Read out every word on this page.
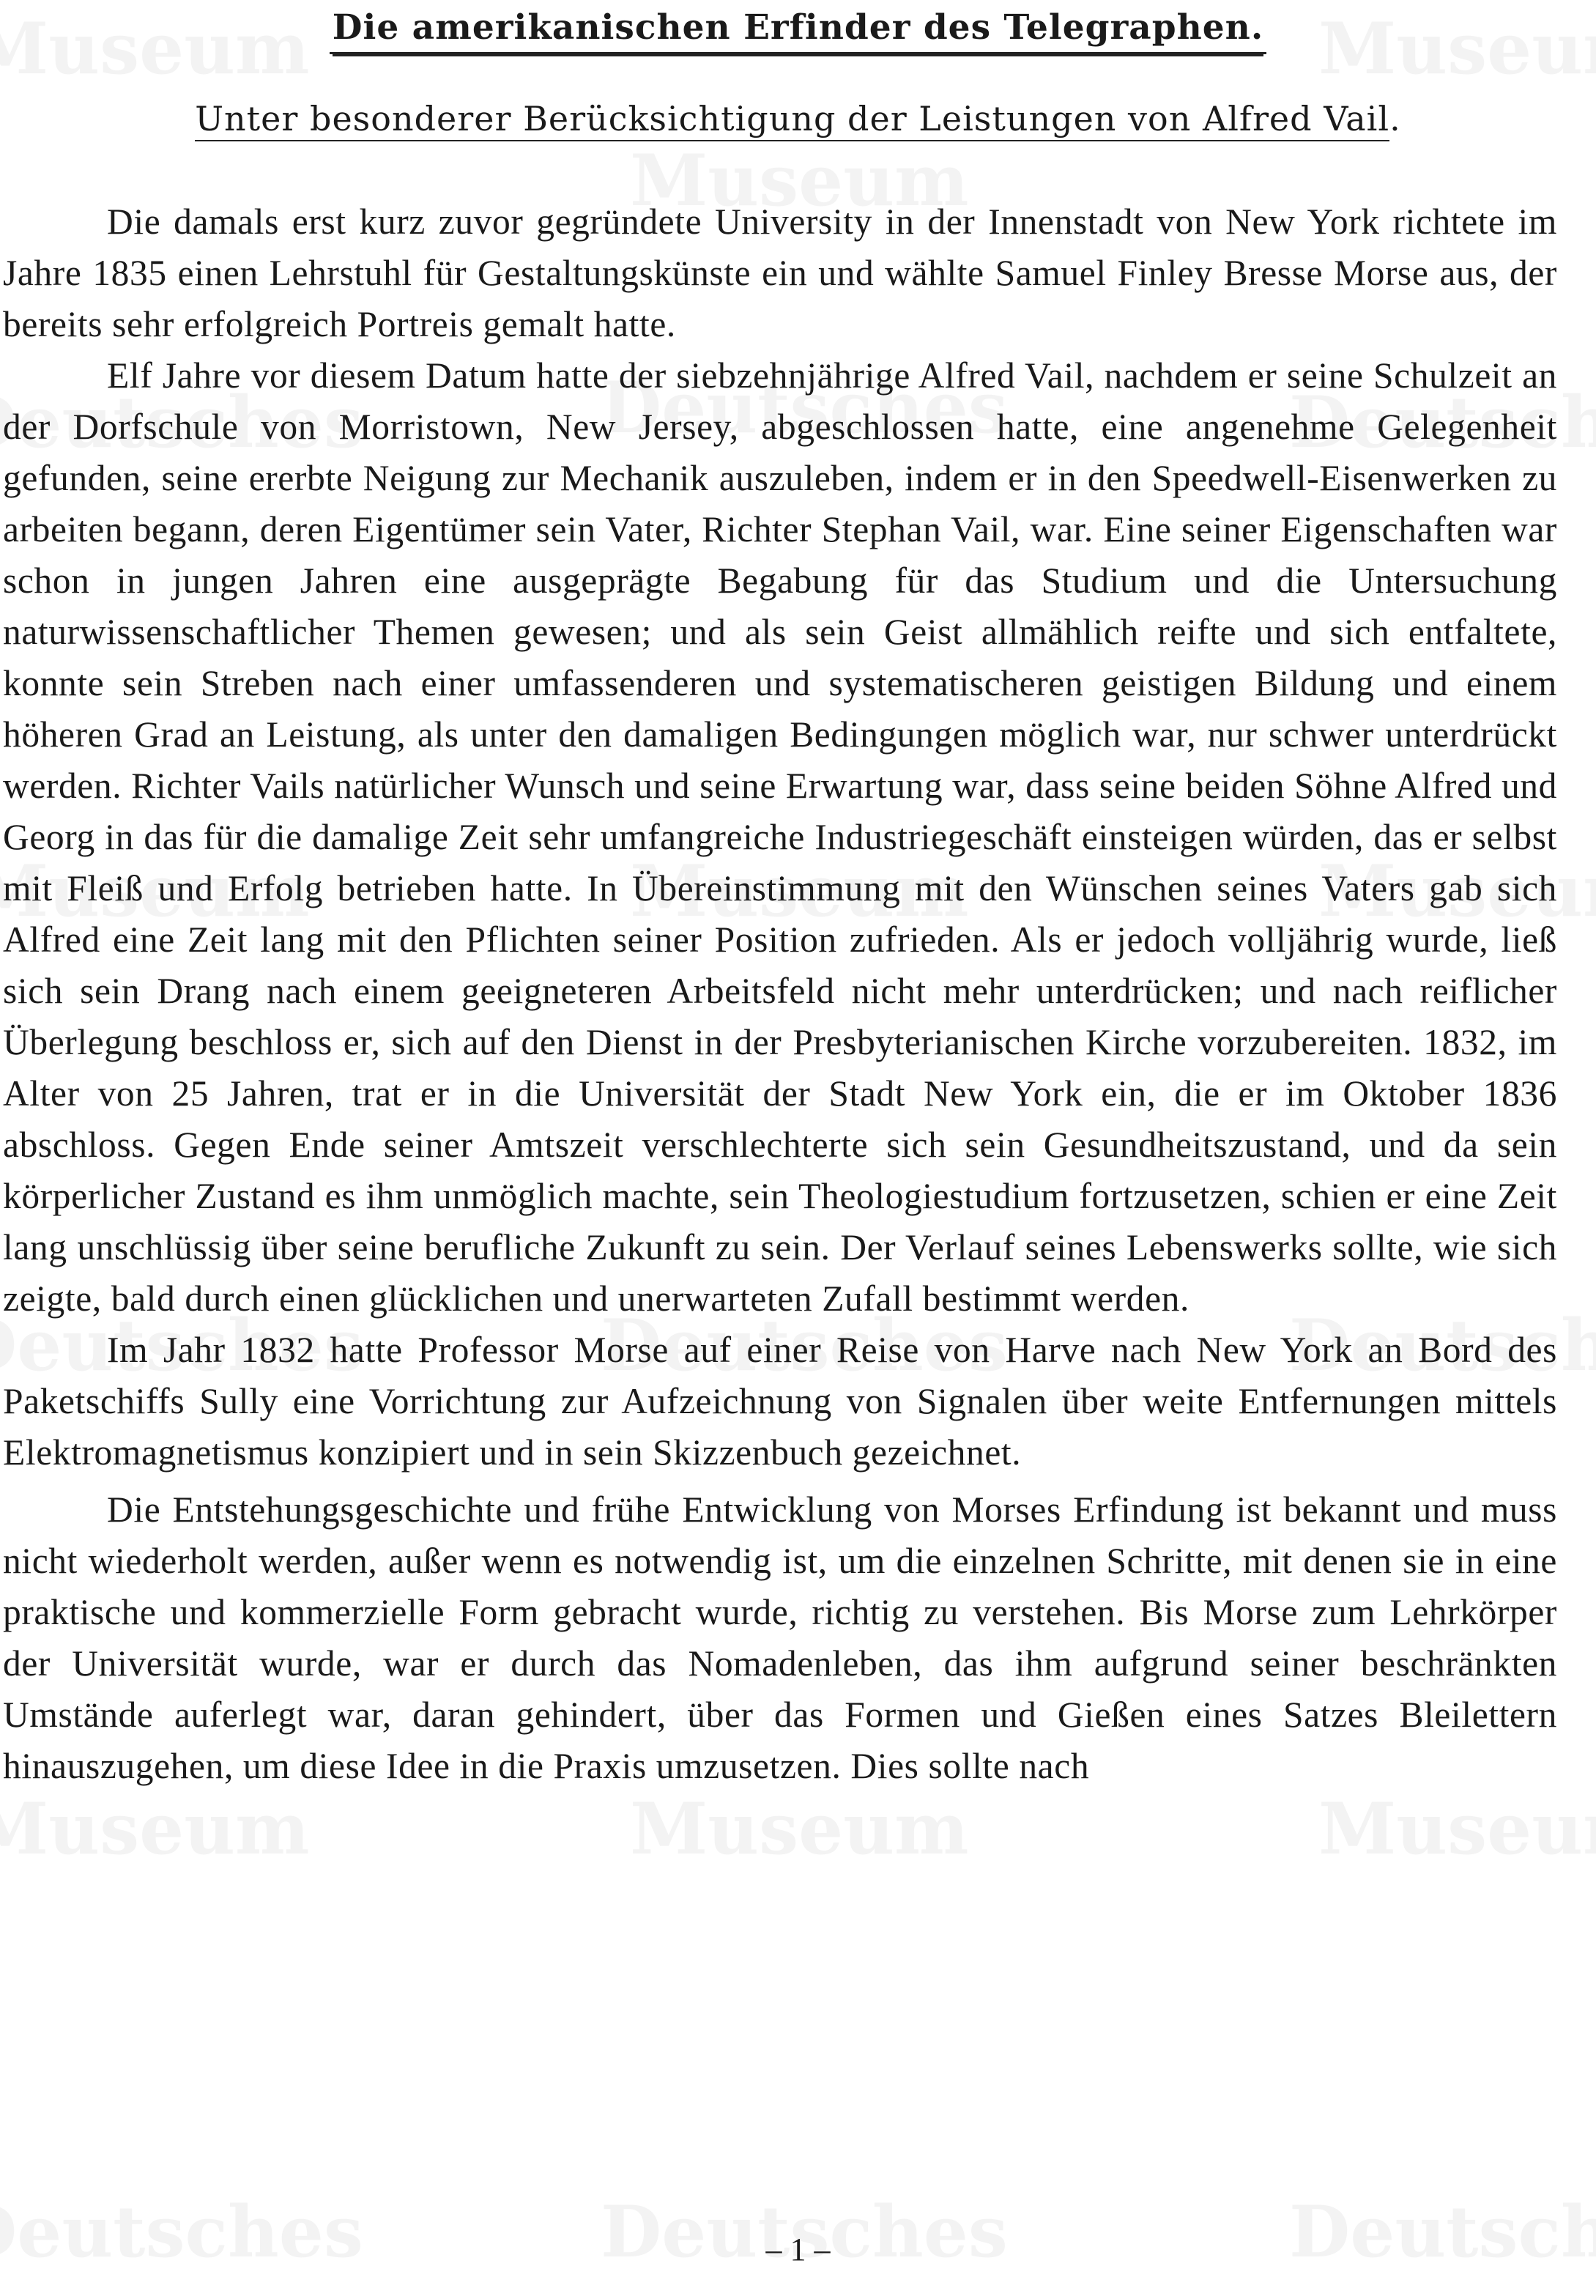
Die amerikanischen Erfinder des Telegraphen.
Unter besonderer Berücksichtigung der Leistungen von Alfred Vail.

Die damals erst kurz zuvor gegründete University in der Innenstadt von New York richtete im Jahre 1835 einen Lehrstuhl für Gestaltungskünste ein und wählte Samuel Finley Bresse Morse aus, der bereits sehr erfolgreich Portreis gemalt hatte.

Elf Jahre vor diesem Datum hatte der siebzehnjährige Alfred Vail, nachdem er seine Schulzeit an der Dorfschule von Morristown, New Jersey, abgeschlossen hatte, eine angenehme Gelegenheit gefunden, seine ererbte Neigung zur Mechanik auszuleben, indem er in den Speedwell-Eisenwerken zu arbeiten begann, deren Eigentümer sein Vater, Richter Stephan Vail, war. Eine seiner Eigenschaften war schon in jungen Jahren eine ausgeprägte Begabung für das Studium und die Untersuchung naturwissenschaftlicher Themen gewesen; und als sein Geist allmählich reifte und sich entfaltete, konnte sein Streben nach einer umfassenderen und systematischeren geistigen Bildung und einem höheren Grad an Leistung, als unter den damaligen Bedingungen möglich war, nur schwer unterdrückt werden. Richter Vails natürlicher Wunsch und seine Erwartung war, dass seine beiden Söhne Alfred und Georg in das für die damalige Zeit sehr umfangreiche Industriegeschäft einsteigen würden, das er selbst mit Fleiß und Erfolg betrieben hatte. In Übereinstimmung mit den Wünschen seines Vaters gab sich Alfred eine Zeit lang mit den Pflichten seiner Position zufrieden. Als er jedoch volljährig wurde, ließ sich sein Drang nach einem geeigneteren Arbeitsfeld nicht mehr unterdrücken; und nach reiflicher Überlegung beschloss er, sich auf den Dienst in der Presbyterianischen Kirche vorzubereiten. 1832, im Alter von 25 Jahren, trat er in die Universität der Stadt New York ein, die er im Oktober 1836 abschloss. Gegen Ende seiner Amtszeit verschlechterte sich sein Gesundheitszustand, und da sein körperlicher Zustand es ihm unmöglich machte, sein Theologiestudium fortzusetzen, schien er eine Zeit lang unschlüssig über seine berufliche Zukunft zu sein. Der Verlauf seines Lebenswerks sollte, wie sich zeigte, bald durch einen glücklichen und unerwarteten Zufall bestimmt werden.

Im Jahr 1832 hatte Professor Morse auf einer Reise von Harve nach New York an Bord des Paketschiffs Sully eine Vorrichtung zur Aufzeichnung von Signalen über weite Entfernungen mittels Elektromagnetismus konzipiert und in sein Skizzenbuch gezeichnet.

Die Entstehungsgeschichte und frühe Entwicklung von Morses Erfindung ist bekannt und muss nicht wiederholt werden, außer wenn es notwendig ist, um die einzelnen Schritte, mit denen sie in eine praktische und kommerzielle Form gebracht wurde, richtig zu verstehen. Bis Morse zum Lehrkörper der Universität wurde, war er durch das Nomadenleben, das ihm aufgrund seiner beschränkten Umstände auferlegt war, daran gehindert, über das Formen und Gießen eines Satzes Bleilettern hinauszugehen, um diese Idee in die Praxis umzusetzen. Dies sollte nach

– 1 –
